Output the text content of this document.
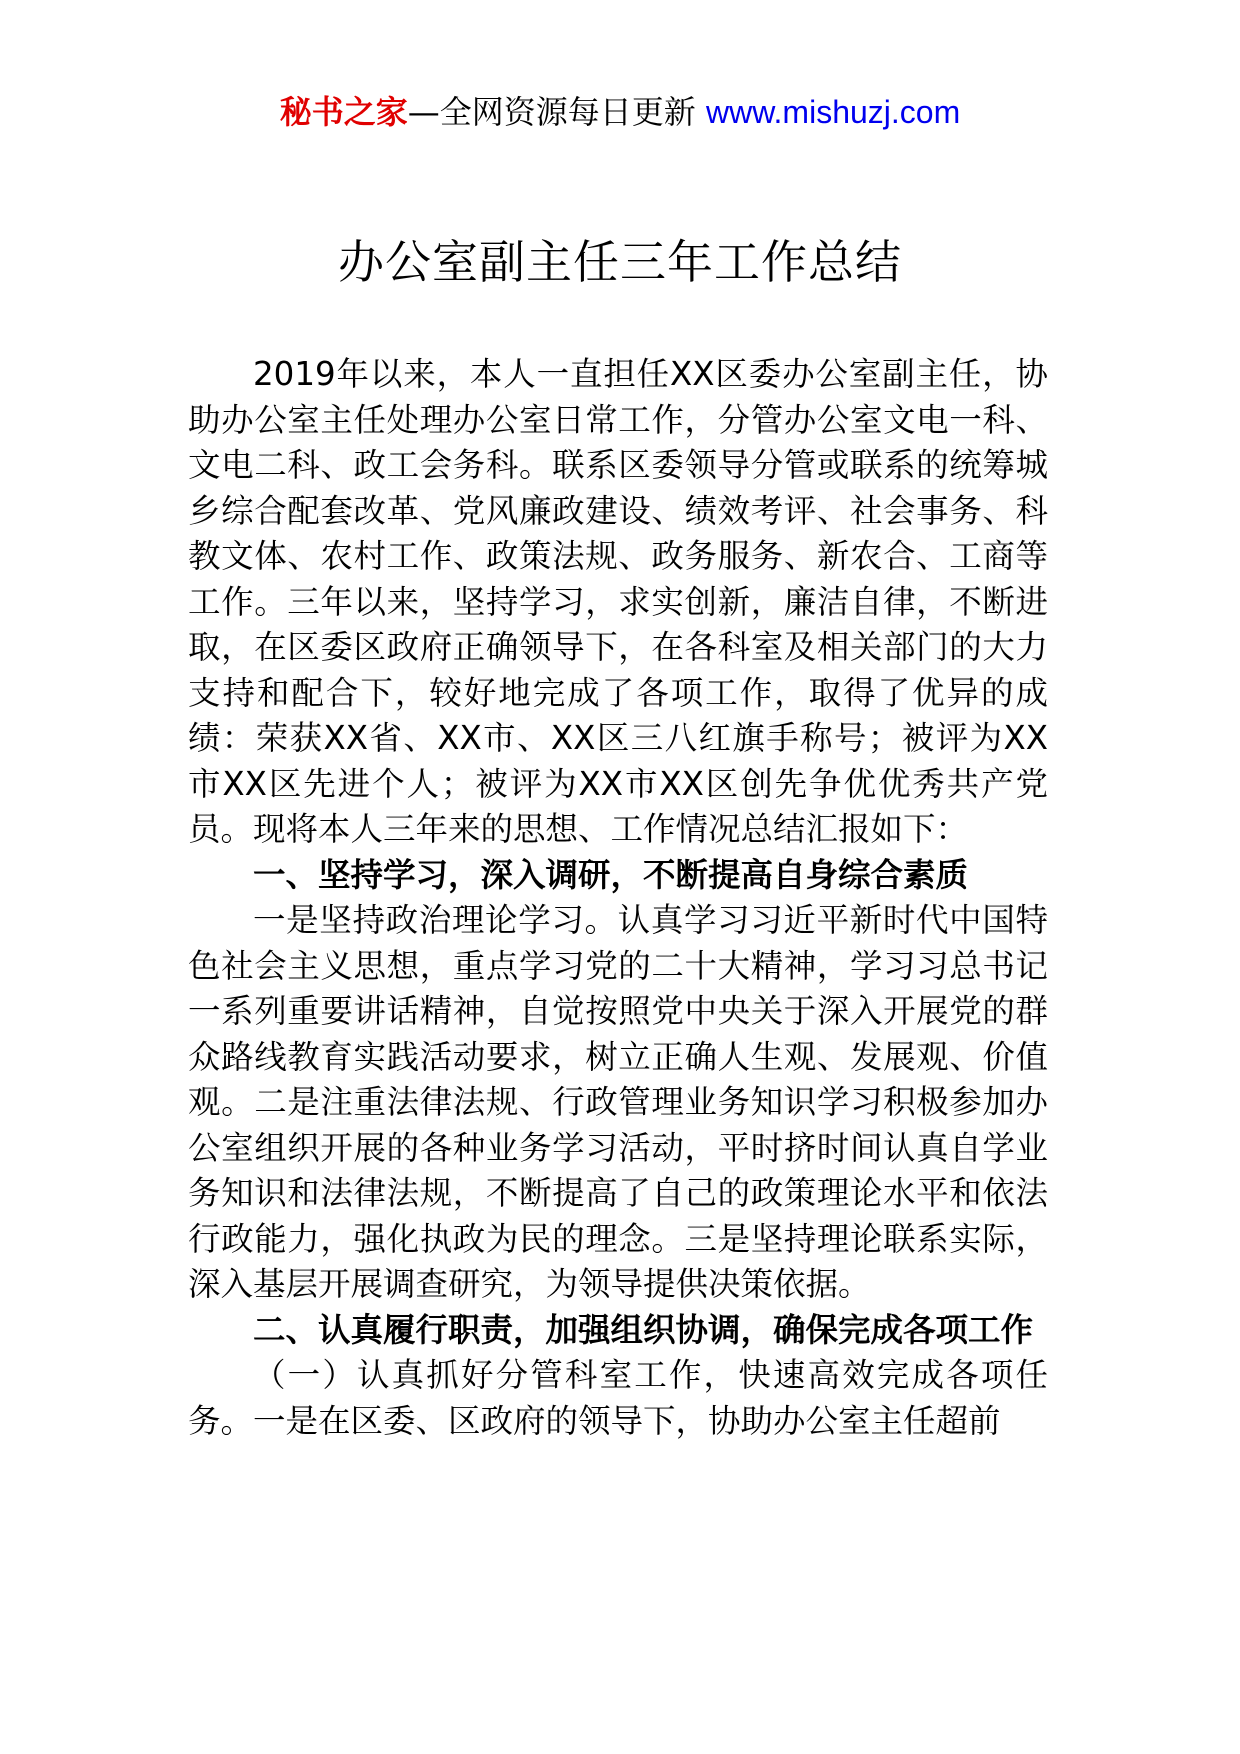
秘书之家—全网资源每日更新 www.mishuzj.com
办公室副主任三年工作总结

2019年以来，本人一直担任XX区委办公室副主任，协助办公室主任处理办公室日常工作，分管办公室文电一科、文电二科、政工会务科。联系区委领导分管或联系的统筹城乡综合配套改革、党风廉政建设、绩效考评、社会事务、科教文体、农村工作、政策法规、政务服务、新农合、工商等工作。三年以来，坚持学习，求实创新，廉洁自律，不断进取，在区委区政府正确领导下，在各科室及相关部门的大力支持和配合下，较好地完成了各项工作，取得了优异的成绩：荣获XX省、XX市、XX区三八红旗手称号；被评为XX市XX区先进个人；被评为XX市XX区创先争优优秀共产党员。现将本人三年来的思想、工作情况总结汇报如下：

一、坚持学习，深入调研，不断提高自身综合素质

一是坚持政治理论学习。认真学习习近平新时代中国特色社会主义思想，重点学习党的二十大精神，学习习总书记一系列重要讲话精神，自觉按照党中央关于深入开展党的群众路线教育实践活动要求，树立正确人生观、发展观、价值观。二是注重法律法规、行政管理业务知识学习积极参加办公室组织开展的各种业务学习活动，平时挤时间认真自学业务知识和法律法规，不断提高了自己的政策理论水平和依法行政能力，强化执政为民的理念。三是坚持理论联系实际，深入基层开展调查研究，为领导提供决策依据。

二、认真履行职责，加强组织协调，确保完成各项工作

（一）认真抓好分管科室工作，快速高效完成各项任务。一是在区委、区政府的领导下，协助办公室主任超前
